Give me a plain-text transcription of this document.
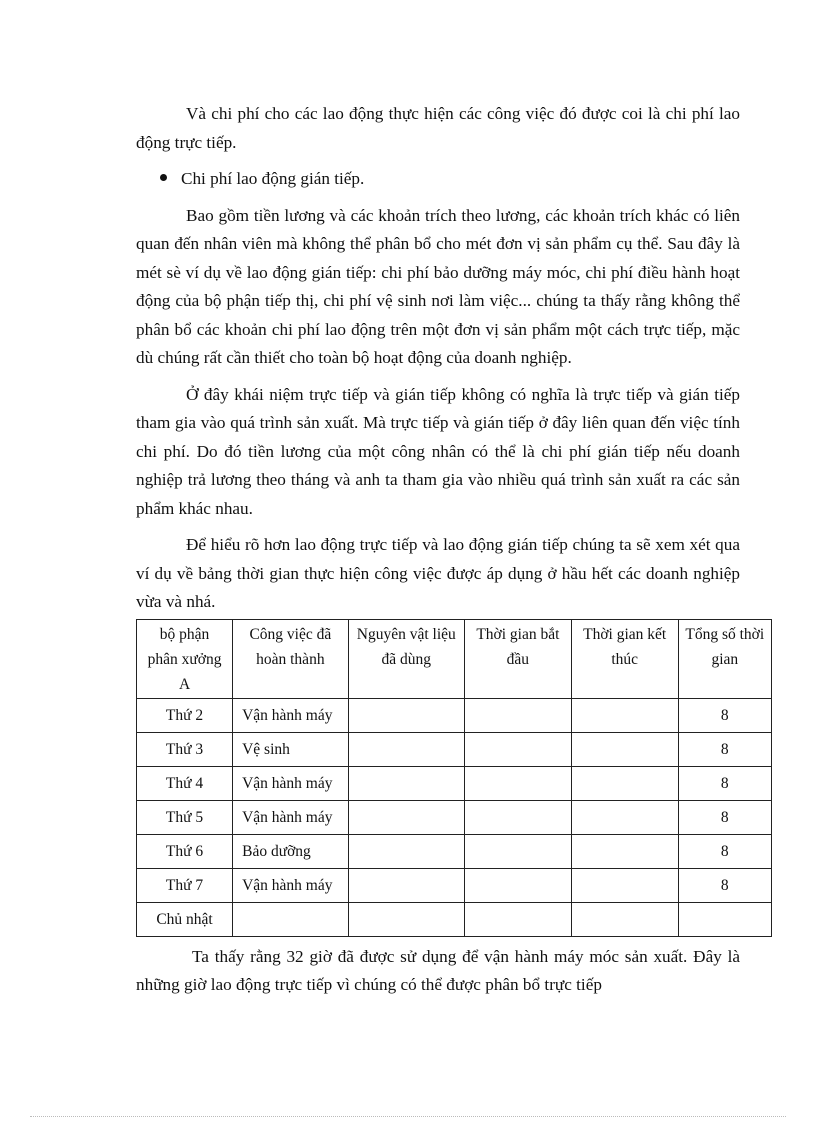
Và chi phí cho các lao động thực hiện các công việc đó được coi là chi phí lao động trực tiếp.

Chi phí lao động gián tiếp.

Bao gồm tiền lương và các khoản trích theo lương, các khoản trích khác có liên quan đến nhân viên mà không thể phân bổ cho mét đơn vị sản phẩm cụ thể. Sau đây là mét sè ví dụ về lao động gián tiếp: chi phí bảo dưỡng máy móc, chi phí điều hành hoạt động của bộ phận tiếp thị, chi phí vệ sinh nơi làm việc... chúng ta thấy rằng không thể phân bổ các khoản chi phí lao động trên một đơn vị sản phẩm một cách trực tiếp, mặc dù chúng rất cần thiết cho toàn bộ hoạt động của doanh nghiệp.

Ở đây khái niệm trực tiếp và gián tiếp không có nghĩa là trực tiếp và gián tiếp tham gia vào quá trình sản xuất. Mà trực tiếp và gián tiếp ở đây liên quan đến việc tính chi phí. Do đó tiền lương của một công nhân có thể là chi phí gián tiếp nếu doanh nghiệp trả lương theo tháng và anh ta tham gia vào nhiều quá trình sản xuất ra các sản phẩm khác nhau.

Để hiểu rõ hơn lao động trực tiếp và lao động gián tiếp chúng ta sẽ xem xét qua ví dụ về bảng thời gian thực hiện công việc được áp dụng ở hầu hết các doanh nghiệp vừa và nhá.

bộ phận phân xưởng A	Công việc đã hoàn thành	Nguyên vật liệu đã dùng	Thời gian bắt đầu	Thời gian kết thúc	Tổng số thời gian
Thứ 2	Vận hành máy				8
Thứ 3	Vệ sinh				8
Thứ 4	Vận hành máy				8
Thứ 5	Vận hành máy				8
Thứ 6	Bảo dưỡng				8
Thứ 7	Vận hành máy				8
Chủ nhật					

Ta thấy rằng 32 giờ đã được sử dụng để vận hành máy móc sản xuất. Đây là những giờ lao động trực tiếp vì chúng có thể được phân bổ trực tiếp
